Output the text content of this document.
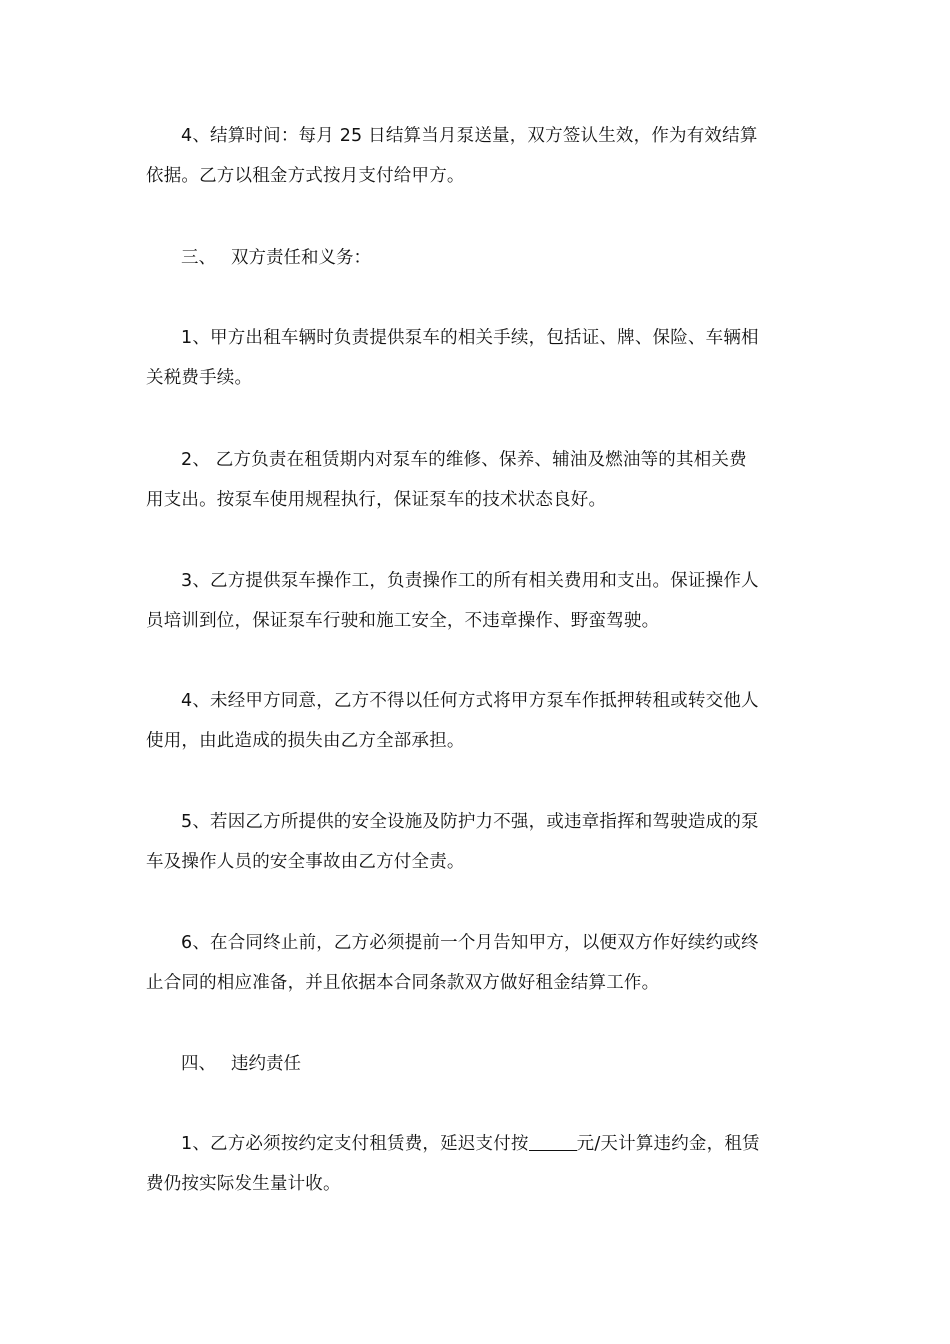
4、结算时间：每月 25 日结算当月泵送量，双方签认生效，作为有效结算
依据。乙方以租金方式按月支付给甲方。

三、 双方责任和义务：

1、甲方出租车辆时负责提供泵车的相关手续，包括证、牌、保险、车辆相
关税费手续。

2、 乙方负责在租赁期内对泵车的维修、保养、辅油及燃油等的其相关费
用支出。按泵车使用规程执行，保证泵车的技术状态良好。

3、乙方提供泵车操作工，负责操作工的所有相关费用和支出。保证操作人
员培训到位，保证泵车行驶和施工安全，不违章操作、野蛮驾驶。

4、未经甲方同意，乙方不得以任何方式将甲方泵车作抵押转租或转交他人
使用，由此造成的损失由乙方全部承担。

5、若因乙方所提供的安全设施及防护力不强，或违章指挥和驾驶造成的泵
车及操作人员的安全事故由乙方付全责。

6、在合同终止前，乙方必须提前一个月告知甲方，以便双方作好续约或终
止合同的相应准备，并且依据本合同条款双方做好租金结算工作。

四、 违约责任

1、乙方必须按约定支付租赁费，延迟支付按	元/天计算违约金，租赁
费仍按实际发生量计收。
